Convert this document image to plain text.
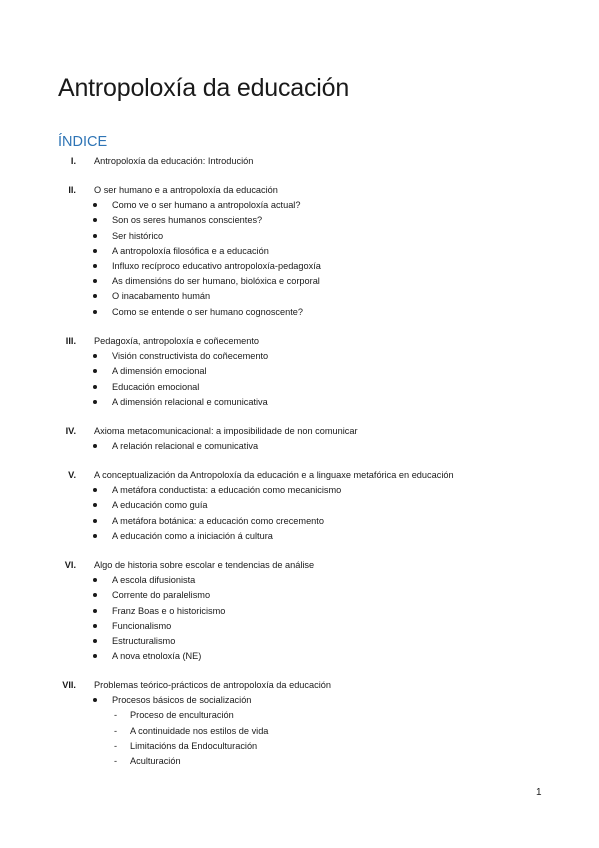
Antropoloxía da educación
ÍNDICE
I. Antropoloxía da educación: Introdución
II. O ser humano e a antropoloxía da educación
Como ve o ser humano a antropoloxía actual?
Son os seres humanos conscientes?
Ser histórico
A antropoloxía filosófica e a educación
Influxo recíproco educativo antropoloxía-pedagoxía
As dimensións do ser humano, biolóxica e corporal
O inacabamento humán
Como se entende o ser humano cognoscente?
III. Pedagoxía, antropoloxía e coñecemento
Visión constructivista do coñecemento
A dimensión emocional
Educación emocional
A dimensión relacional e comunicativa
IV. Axioma metacomunicacional: a imposibilidade de non comunicar
A relación relacional e comunicativa
V. A conceptualización da Antropoloxía da educación e a linguaxe metafórica en educación
A metáfora conductista: a educación como mecanicismo
A educación como guía
A metáfora botánica: a educación como crecemento
A educación como a iniciación á cultura
VI. Algo de historia sobre escolar e tendencias de análise
A escola difusionista
Corrente do paralelismo
Franz Boas e o historicismo
Funcionalismo
Estructuralismo
A nova etnoloxía (NE)
VII. Problemas teórico-prácticos de antropoloxía da educación
Procesos básicos de socialización
- Proceso de enculturación
- A continuidade nos estilos de vida
- Limitacións da Endoculturación
- Aculturación
1
